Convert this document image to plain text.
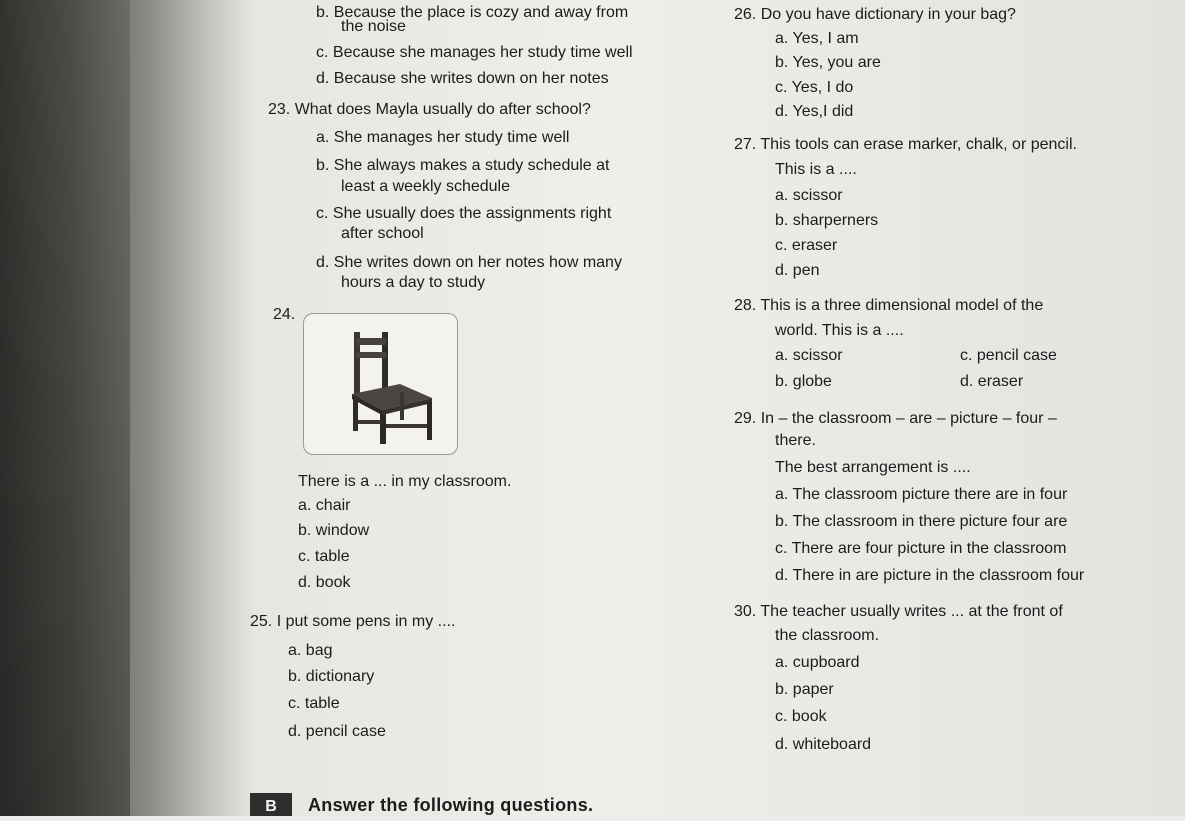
b. Because the place is cozy and away from
the noise
c. Because she manages her study time well
d. Because she writes down on her notes
23. What does Mayla usually do after school?
a. She manages her study time well
b. She always makes a study schedule at
least a weekly schedule
c. She usually does the assignments right
after school
d. She writes down on her notes how many
hours a day to study
24.
There is a ... in my classroom.
a. chair
b. window
c. table
d. book
25. I put some pens in my ....
a. bag
b. dictionary
c. table
d. pencil case
26. Do you have dictionary in your bag?
a. Yes, I am
b. Yes, you are
c. Yes, I do
d. Yes,I did
27. This tools can erase marker, chalk, or pencil.
This is a ....
a. scissor
b. sharperners
c. eraser
d. pen
28. This is a three dimensional model of the
world. This is a ....
a. scissor
b. globe
c. pencil case
d. eraser
29. In – the classroom – are – picture – four –
there.
The best arrangement is ....
a. The classroom picture there are in four
b. The classroom in there picture four are
c. There are four picture in the classroom
d. There in are picture in the classroom four
30. The teacher usually writes ... at the front of
the classroom.
a. cupboard
b. paper
c. book
d. whiteboard
B	Answer the following questions.
